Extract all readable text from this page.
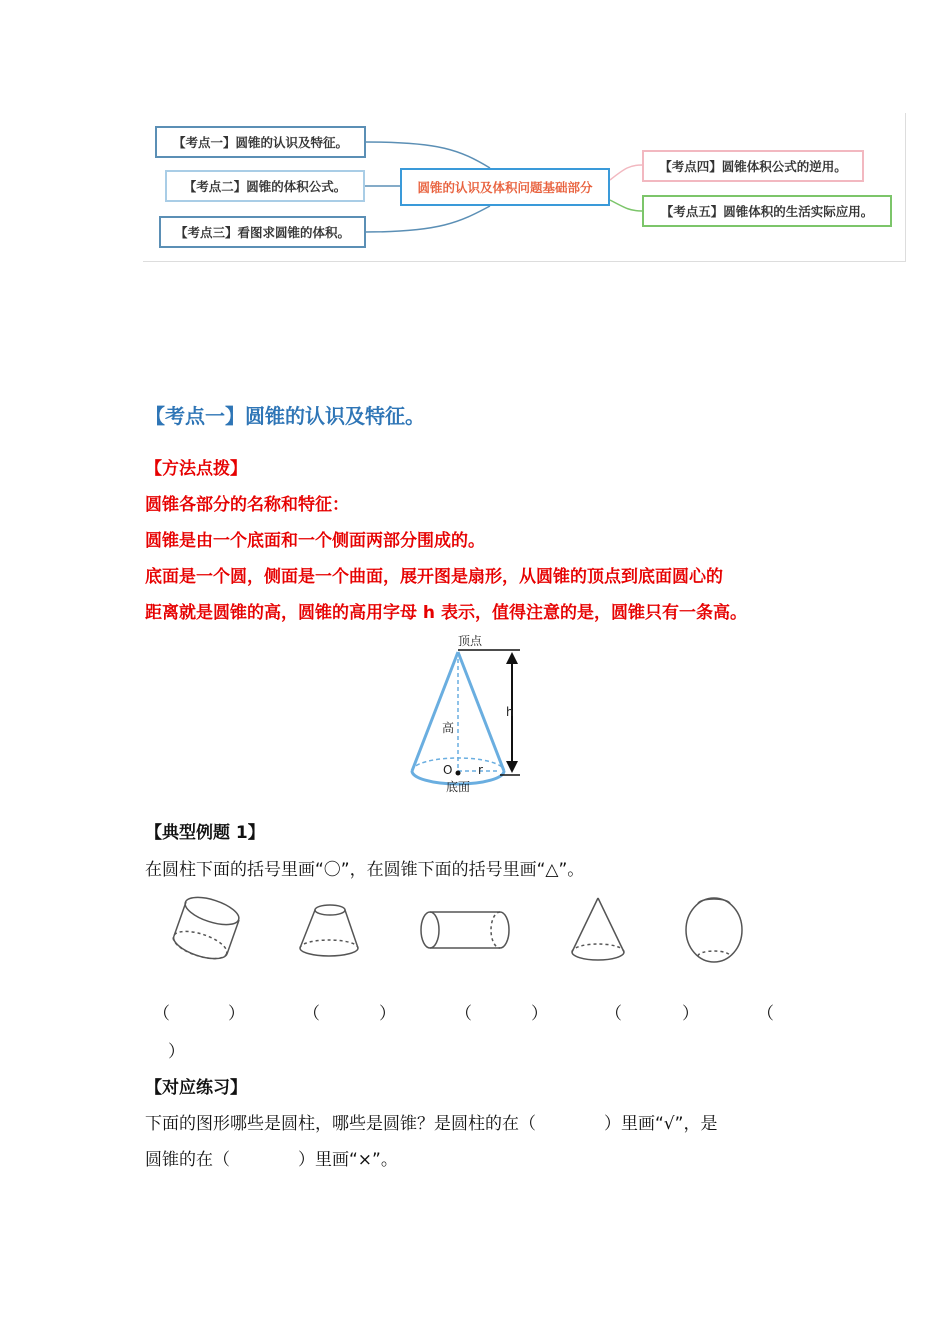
【考点一】圆锥的认识及特征。
【考点二】圆锥的体积公式。
【考点三】看图求圆锥的体积。
圆锥的认识及体积问题基础部分
【考点四】圆锥体积公式的逆用。
【考点五】圆锥体积的生活实际应用。
【考点一】圆锥的认识及特征。
【方法点拨】
圆锥各部分的名称和特征：
圆锥是由一个底面和一个侧面两部分围成的。
底面是一个圆，侧面是一个曲面，展开图是扇形，从圆锥的顶点到底面圆心的
距离就是圆锥的高，圆锥的高用字母 h 表示，值得注意的是，圆锥只有一条高。
顶点
高
h
O r
底面
【典型例题 1】
在圆柱下面的括号里画“〇”，在圆锥下面的括号里画“△”。
（	）	（	）	（	）	（	）	（
）
【对应练习】
下面的图形哪些是圆柱，哪些是圆锥？是圆柱的在（　　　　）里画“√”，是
圆锥的在（　　　　）里画“×”。
